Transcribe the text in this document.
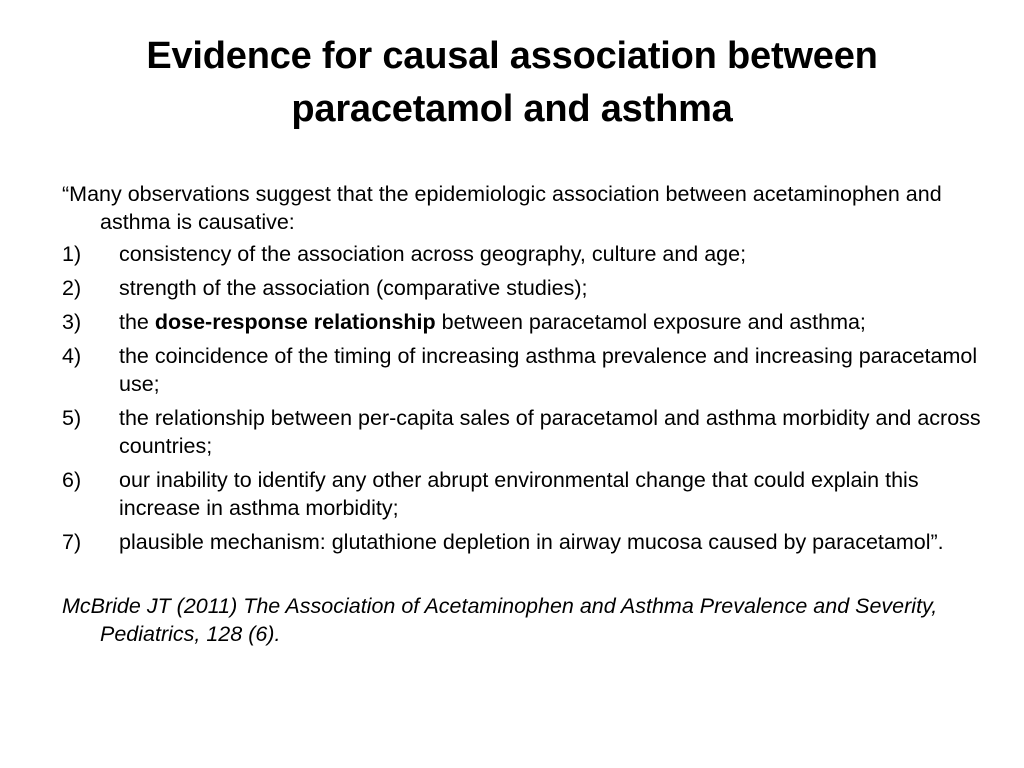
Evidence for causal association between
paracetamol and asthma

“Many observations suggest that the epidemiologic association between acetaminophen and asthma is causative:

1)	consistency of the association across geography, culture and age;
2)	strength of the association (comparative studies);
3)	the dose-response relationship between paracetamol exposure and asthma;
4)	the coincidence of the timing of increasing asthma prevalence and increasing paracetamol use;
5)	the relationship between per-capita sales of paracetamol and asthma morbidity and across countries;
6)	our inability to identify any other abrupt environmental change that could explain this increase in asthma morbidity;
7)	plausible mechanism: glutathione depletion in airway mucosa caused by paracetamol”.

McBride JT (2011) The Association of Acetaminophen and Asthma Prevalence and Severity, Pediatrics, 128 (6).
